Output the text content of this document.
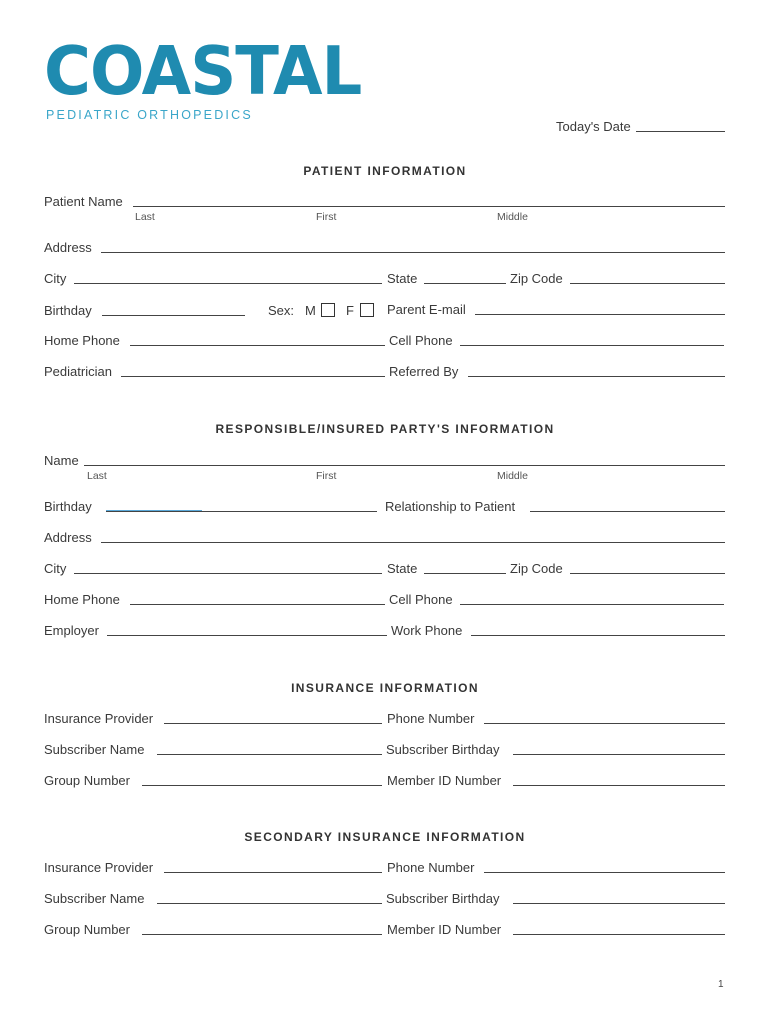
COASTAL
PEDIATRIC ORTHOPEDICS
Today's Date
PATIENT INFORMATION
Patient Name
Last	First	Middle
Address
City	State	Zip Code
Birthday	Sex: M F	Parent E-mail
Home Phone	Cell Phone
Pediatrician	Referred By
RESPONSIBLE/INSURED PARTY'S INFORMATION
Name
Last	First	Middle
Birthday	Relationship to Patient
Address
City	State	Zip Code
Home Phone	Cell Phone
Employer	Work Phone
INSURANCE INFORMATION
Insurance Provider	Phone Number
Subscriber Name	Subscriber Birthday
Group Number	Member ID Number
SECONDARY INSURANCE INFORMATION
Insurance Provider	Phone Number
Subscriber Name	Subscriber Birthday
Group Number	Member ID Number
1
